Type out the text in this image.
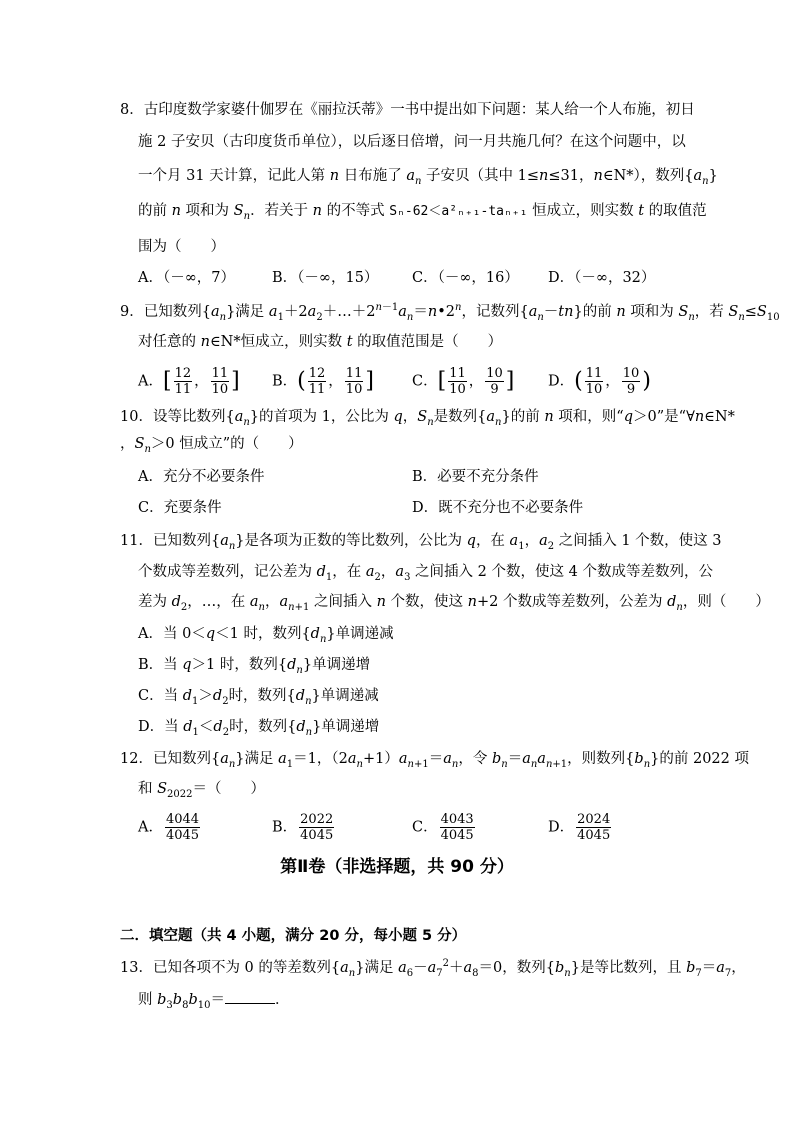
8．古印度数学家婆什伽罗在《丽拉沃蒂》一书中提出如下问题：某人给一个人布施，初日
施 2 子安贝（古印度货币单位），以后逐日倍增，问一月共施几何？在这个问题中，以
一个月 31 天计算，记此人第 n 日布施了 $a_n$ 子安贝（其中 1≤n≤31，n∈N*），数列$\{a_n\}$
的前 n 项和为 $S_n$．若关于 n 的不等式 Sₙ-62＜a²ₙ₊₁-taₙ₊₁ 恒成立，则实数 t 的取值范
围为（　　）
A．（－∞，7）	B．（－∞，15） C．（－∞，16） D．（－∞，32）
9．已知数列$\{a_n\}$满足 $a_1+2a_2+\dots+2^{n-1}a_n=n•2^n$，记数列$\{a_n-tn\}$的前 n 项和为 $S_n$，若 $S_n\le S_{10}$
对任意的 n∈N*恒成立，则实数 t 的取值范围是（　　）
A．[ $\frac{12}{11}$ ， $\frac{11}{10}$ ] B．( $\frac{12}{11}$ ， $\frac{11}{10}$ ]	C．[ $\frac{11}{10}$ ， $\frac{10}{9}$ ] D．( $\frac{11}{10}$ ， $\frac{10}{9}$ )
10．设等比数列$\{a_n\}$的首项为 1，公比为 q，$S_n$是数列$\{a_n\}$的前 n 项和，则“q＞0”是“∀n∈N*
，$S_n>0$ 恒成立”的（　　）
A．充分不必要条件	B．必要不充分条件
C．充要条件	D．既不充分也不必要条件
11．已知数列$\{a_n\}$是各项为正数的等比数列，公比为 q，在 $a_1$，$a_2$ 之间插入 1 个数，使这 3
个数成等差数列，记公差为 $d_1$，在 $a_2$，$a_3$ 之间插入 2 个数，使这 4 个数成等差数列，公
差为 $d_2$，…，在 $a_n$，$a_{n+1}$ 之间插入 n 个数，使这 n+2 个数成等差数列，公差为 $d_n$，则（　　）
A．当 0＜q＜1 时，数列$\{d_n\}$单调递减
B．当 q＞1 时，数列$\{d_n\}$单调递增
C．当 $d_1>d_2$时，数列$\{d_n\}$单调递减
D．当 $d_1<d_2$时，数列$\{d_n\}$单调递增
12．已知数列$\{a_n\}$满足 $a_1=1$，$(2a_n+1)a_{n+1}=a_n$，令 $b_n=a_na_{n+1}$，则数列$\{b_n\}$的前 2022 项
和 $S_{2022}=$（　　）
A． $\frac{4044}{4045}$	B． $\frac{2022}{4045}$	C． $\frac{4043}{4045}$	D． $\frac{2024}{4045}$
第Ⅱ卷（非选择题，共 90 分）
二．填空题（共 4 小题，满分 20 分，每小题 5 分）
13．已知各项不为 0 的等差数列$\{a_n\}$满足 $a_6-a_7^2+a_8=0$，数列$\{b_n\}$是等比数列，且 $b_7=a_7$，
则 $b_3b_8b_{10}=$	．
